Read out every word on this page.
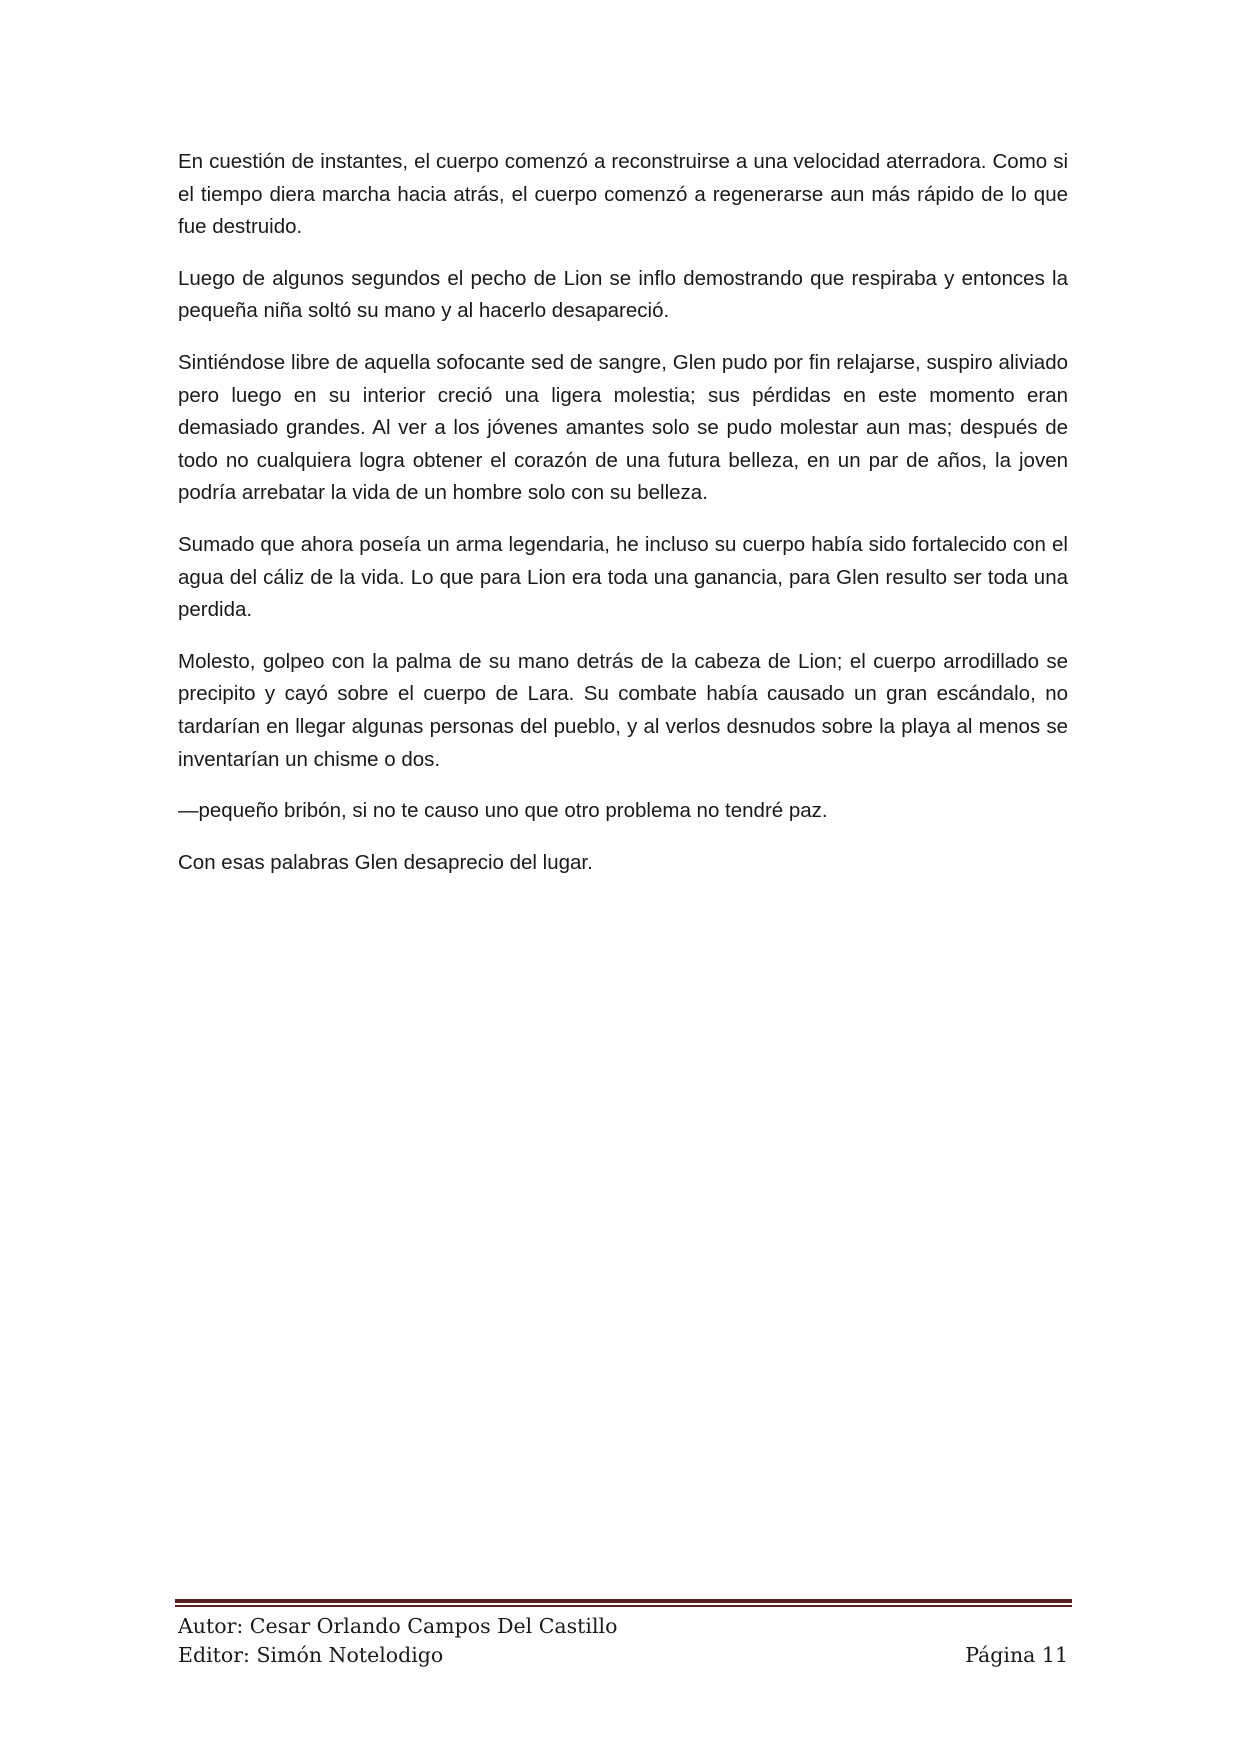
En cuestión de instantes, el cuerpo comenzó a reconstruirse a una velocidad aterradora. Como si el tiempo diera marcha hacia atrás, el cuerpo comenzó a regenerarse aun más rápido de lo que fue destruido.

Luego de algunos segundos el pecho de Lion se inflo demostrando que respiraba y entonces la pequeña niña soltó su mano y al hacerlo desapareció.

Sintiéndose libre de aquella sofocante sed de sangre, Glen pudo por fin relajarse, suspiro aliviado pero luego en su interior creció una ligera molestia; sus pérdidas en este momento eran demasiado grandes. Al ver a los jóvenes amantes solo se pudo molestar aun mas; después de todo no cualquiera logra obtener el corazón de una futura belleza, en un par de años, la joven podría arrebatar la vida de un hombre solo con su belleza.

Sumado que ahora poseía un arma legendaria, he incluso su cuerpo había sido fortalecido con el agua del cáliz de la vida. Lo que para Lion era toda una ganancia, para Glen resulto ser toda una perdida.

Molesto, golpeo con la palma de su mano detrás de la cabeza de Lion; el cuerpo arrodillado se precipito y cayó sobre el cuerpo de Lara. Su combate había causado un gran escándalo, no tardarían en llegar algunas personas del pueblo, y al verlos desnudos sobre la playa al menos se inventarían un chisme o dos.

—pequeño bribón, si no te causo uno que otro problema no tendré paz.

Con esas palabras Glen desaprecio del lugar.

Autor: Cesar Orlando Campos Del Castillo
Editor: Simón Notelodigo	Página 11
